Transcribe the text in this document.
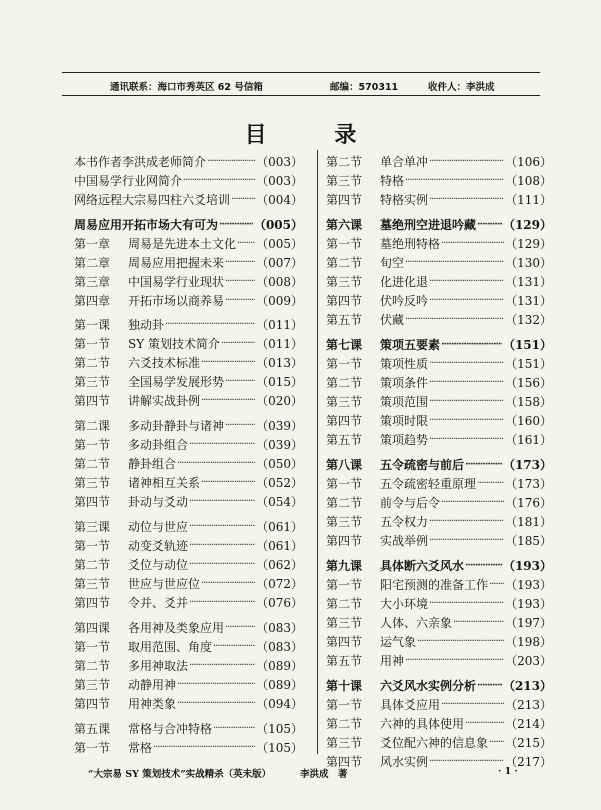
通讯联系：海口市秀英区 62 号信箱	邮编：570311	收件人：李洪成
目 录
本书作者李洪成老师简介 ·····	（003）
中国易学行业网简介 ·····	（003）
网络远程大宗易四柱六爻培训 ····· （004）
周易应用开拓市场大有可为 ·····	（005）
第一章	周易是先进本土文化 ····· （005）
第二章	周易应用把握未来 ·····	（007）
第三章	中国易学行业现状 ·····	（008）
第四章	开拓市场以商养易 ·····	（009）
第一课	独动卦 ·····	（011）
第一节	SY 策划技术简介 ·····	（011）
第二节	六爻技术标准 ·····	（013）
第三节	全国易学发展形势 ·····	（015）
第四节	讲解实战卦例 ·····	（020）
第二课	多动卦静卦与诸神 ·····	（039）
第一节	多动卦组合 ·····	（039）
第二节	静卦组合 ·····	（050）
第三节	诸神相互关系 ·····	（052）
第四节	卦动与爻动 ·····	（054）
第三课	动位与世应 ·····	（061）
第一节	动变爻轨迹 ·····	（061）
第二节	爻位与动位 ·····	（062）
第三节	世应与世应位 ·····	（072）
第四节	令并、爻并 ·····	（076）
第四课	各用神及类象应用 ·····	（083）
第一节	取用范围、角度 ·····	（083）
第二节	多用神取法 ·····	（089）
第三节	动静用神 ·····	（089）
第四节	用神类象 ·····	（094）
第五课	常格与合冲特格 ·····	（105）
第一节	常格 ·····	（105）
第二节	单合单冲 ·····	（106）
第三节	特格 ·····	（108）
第四节	特格实例 ·····	（111）
第六课	墓绝刑空进退吟藏 ····· （129）
第一节	墓绝刑特格 ·····	（129）
第二节	旬空 ·····	（130）
第三节	化进化退 ·····	（131）
第四节	伏吟反吟 ·····	（131）
第五节	伏藏 ·····	（132）
第七课	策项五要素 ·····	（151）
第一节	策项性质 ·····	（151）
第二节	策项条件 ·····	（156）
第三节	策项范围 ·····	（158）
第四节	策项时限 ·····	（160）
第五节	策项趋势 ·····	（161）
第八课	五令疏密与前后 ·····	（173）
第一节	五令疏密轻重原理 ····· （173）
第二节	前令与后令 ·····	（176）
第三节	五令权力 ·····	（181）
第四节	实战举例 ·····	（185）
第九课	具体断六爻风水 ·····	（193）
第一节	阳宅预测的准备工作 ····· （193）
第二节	大小环境 ·····	（193）
第三节	人体、六亲象 ·····	（197）
第四节	运气象 ·····	（198）
第五节	用神 ·····	（203）
第十课	六爻风水实例分析 ····· （213）
第一节	具体爻应用 ·····	（213）
第二节	六神的具体使用 ·····	（214）
第三节	爻位配六神的信息象 ····· （215）
第四节	风水实例 ·····	（217）
“大宗易 SY 策划技术”实战精杀（英未版）	李洪成　著	· 1 ·
